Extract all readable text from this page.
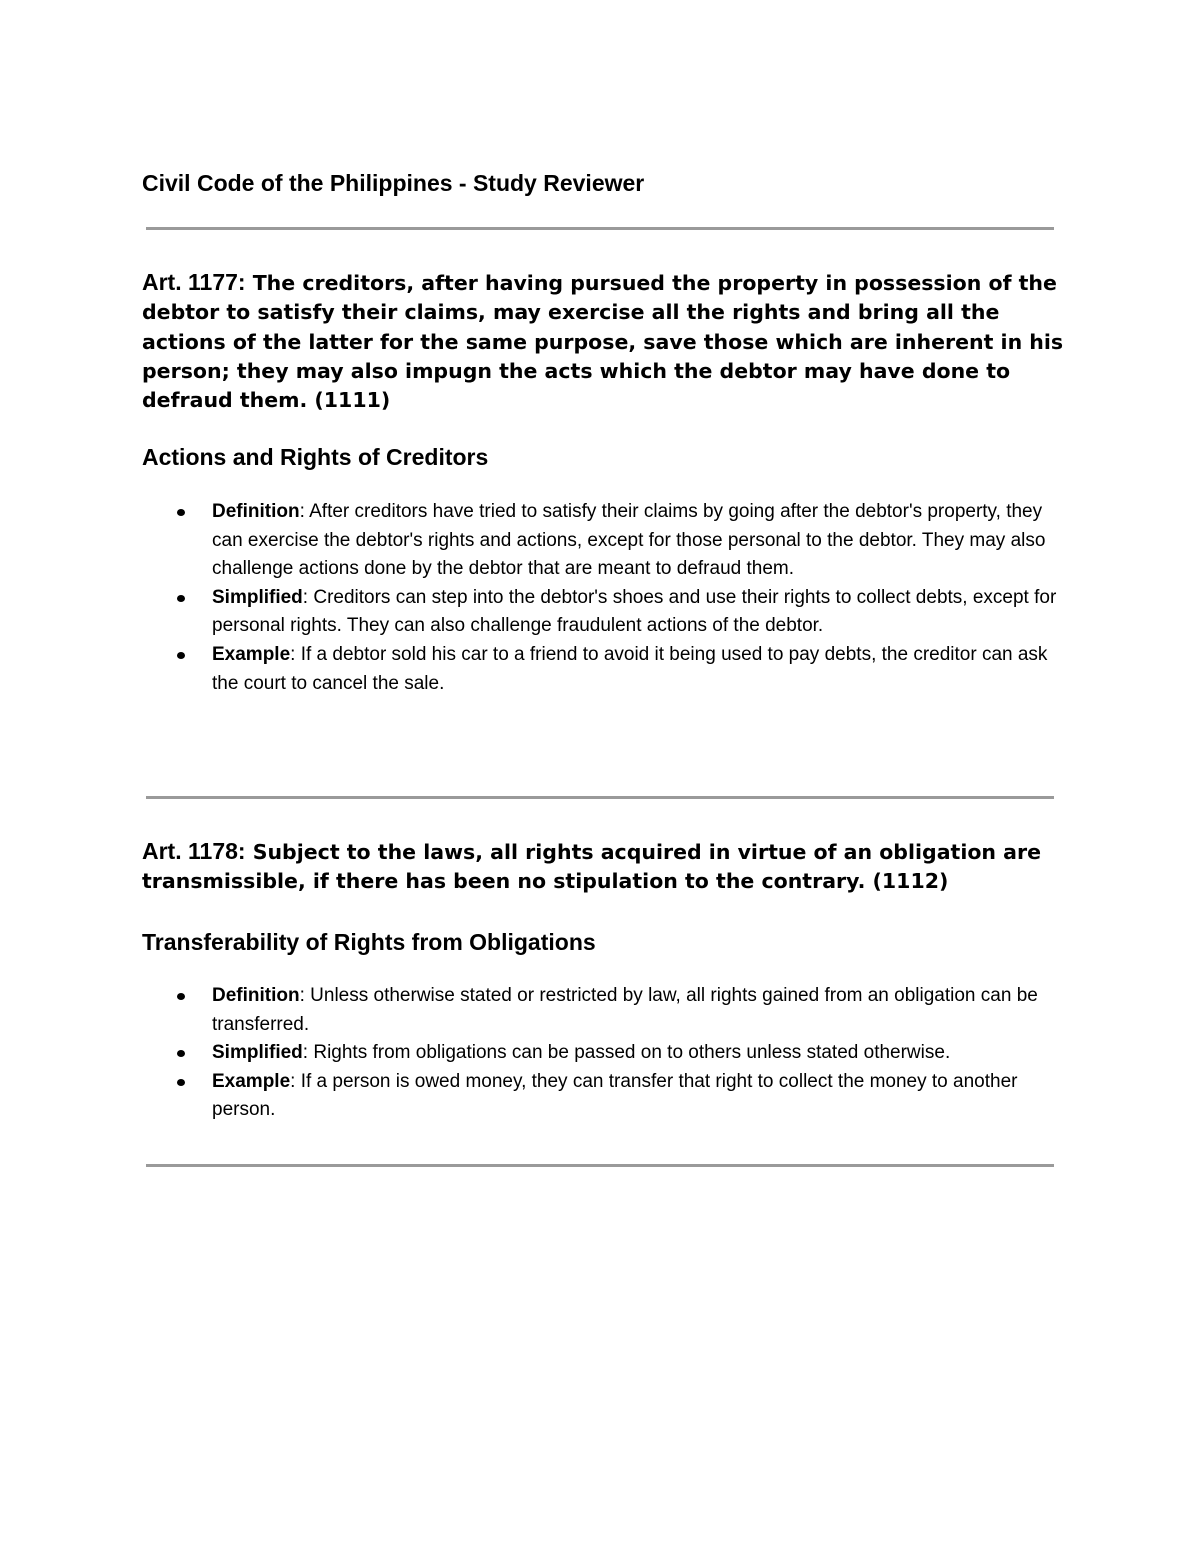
Civil Code of the Philippines - Study Reviewer

Art. 1177: The creditors, after having pursued the property in possession of the debtor to satisfy their claims, may exercise all the rights and bring all the actions of the latter for the same purpose, save those which are inherent in his person; they may also impugn the acts which the debtor may have done to defraud them. (1111)

Actions and Rights of Creditors
Definition: After creditors have tried to satisfy their claims by going after the debtor's property, they can exercise the debtor's rights and actions, except for those personal to the debtor. They may also challenge actions done by the debtor that are meant to defraud them.
Simplified: Creditors can step into the debtor's shoes and use their rights to collect debts, except for personal rights. They can also challenge fraudulent actions of the debtor.
Example: If a debtor sold his car to a friend to avoid it being used to pay debts, the creditor can ask the court to cancel the sale.

Art. 1178: Subject to the laws, all rights acquired in virtue of an obligation are transmissible, if there has been no stipulation to the contrary. (1112)

Transferability of Rights from Obligations
Definition: Unless otherwise stated or restricted by law, all rights gained from an obligation can be transferred.
Simplified: Rights from obligations can be passed on to others unless stated otherwise.
Example: If a person is owed money, they can transfer that right to collect the money to another person.
